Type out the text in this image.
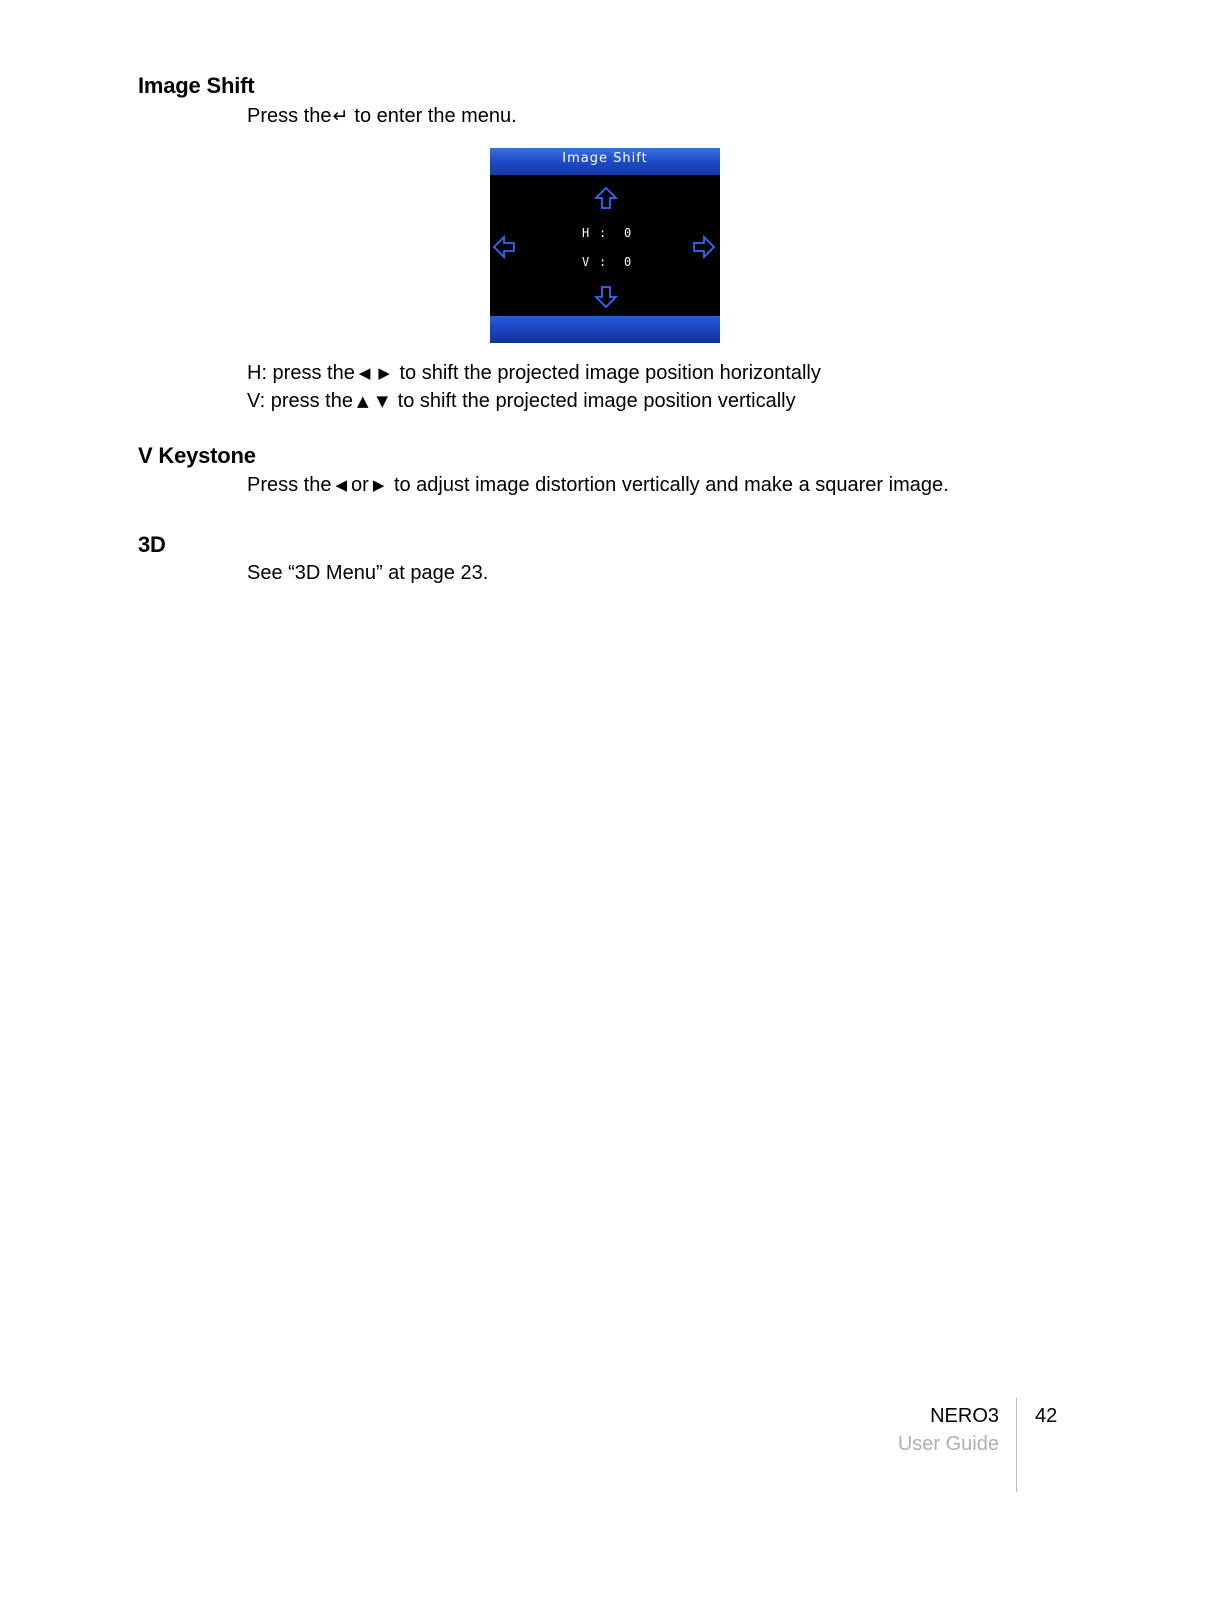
Image Shift
Press the↵ to enter the menu.
Image Shift
H : 0
V : 0
H: press the ◀ ▶ to shift the projected image position horizontally
V: press the ▲ ▼ to shift the projected image position vertically
V Keystone
Press the ◀ or ▶ to adjust image distortion vertically and make a squarer image.
3D
See “3D Menu” at page 23.
NERO3
User Guide
42
